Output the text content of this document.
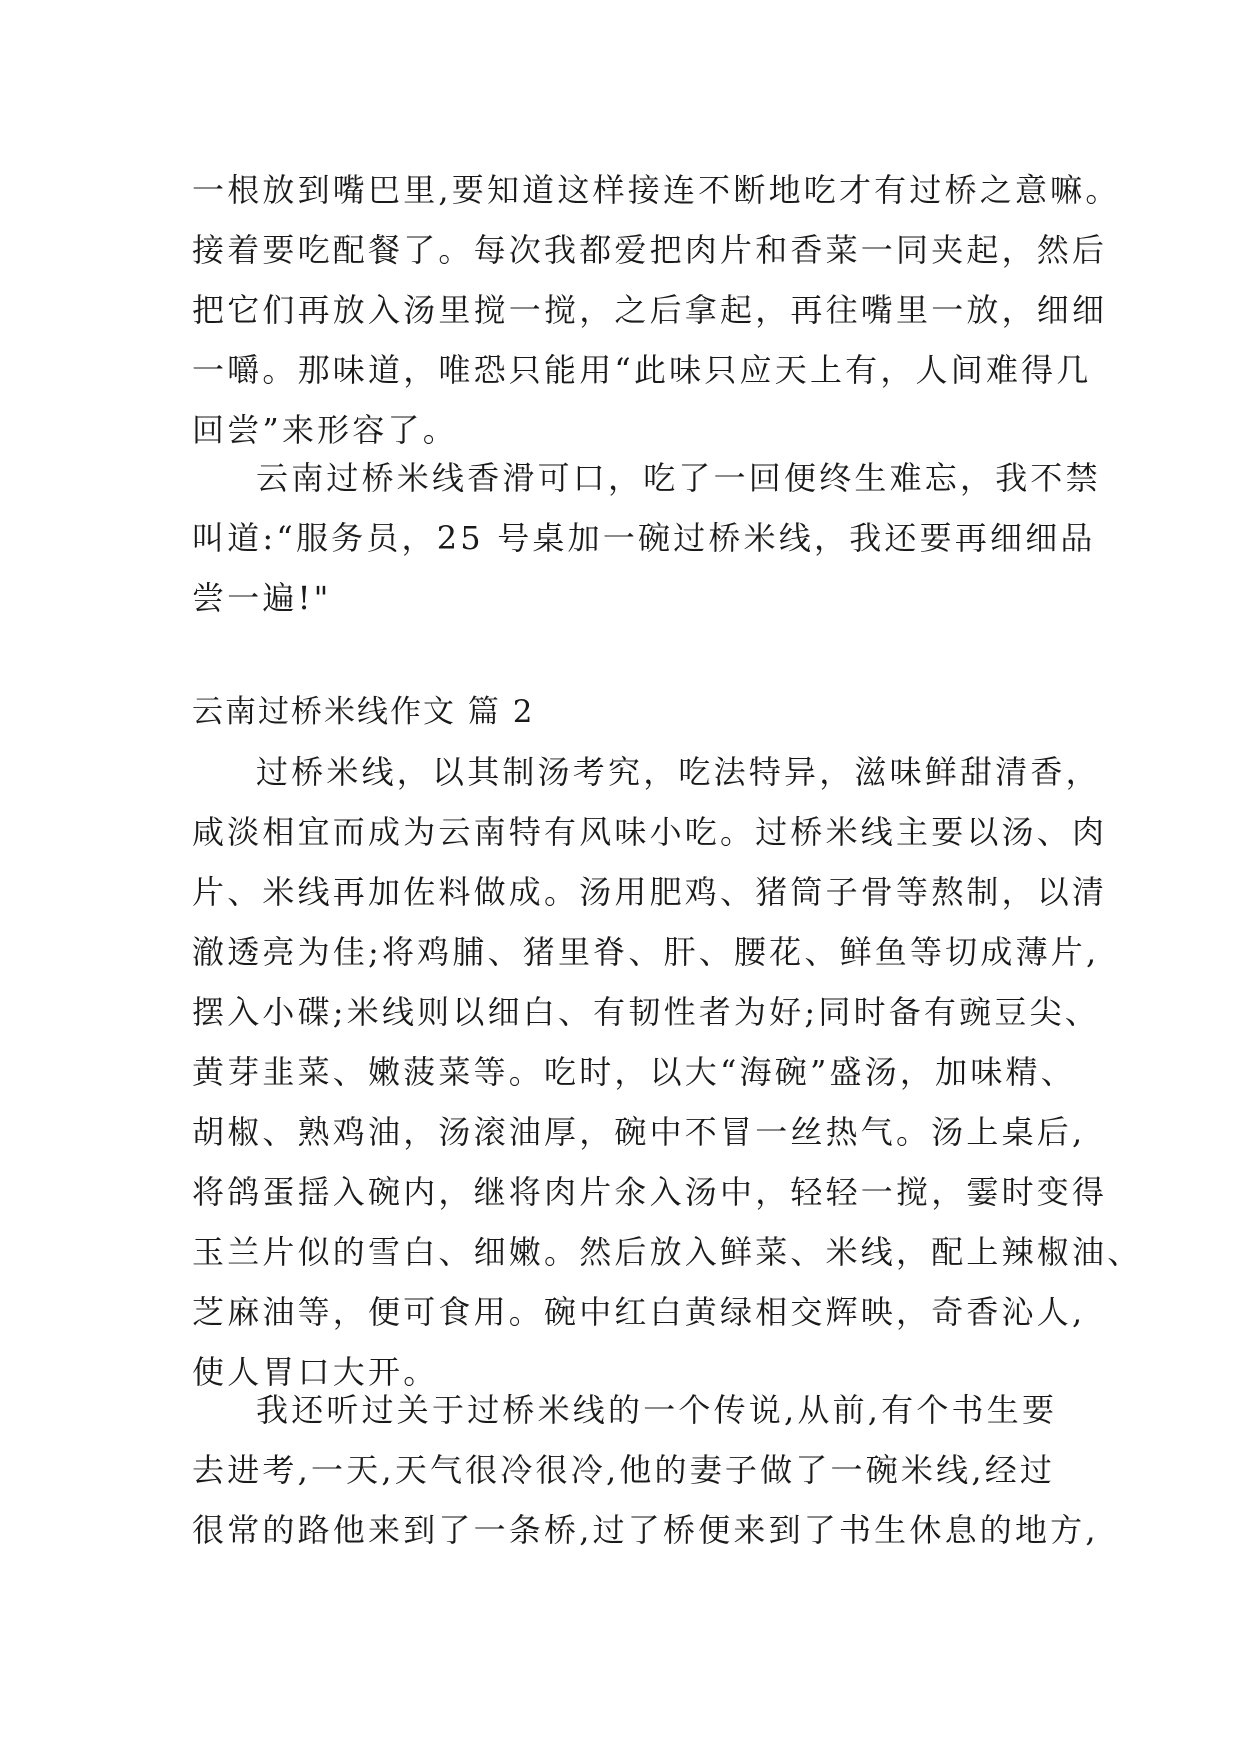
一根放到嘴巴里,要知道这样接连不断地吃才有过桥之意嘛。
接着要吃配餐了。每次我都爱把肉片和香菜一同夹起，然后
把它们再放入汤里搅一搅，之后拿起，再往嘴里一放，细细
一嚼。那味道，唯恐只能用“此味只应天上有，人间难得几
回尝”来形容了。
云南过桥米线香滑可口，吃了一回便终生难忘，我不禁
叫道:“服务员，25 号桌加一碗过桥米线，我还要再细细品
尝一遍!"
云南过桥米线作文 篇 2
过桥米线，以其制汤考究，吃法特异，滋味鲜甜清香，
咸淡相宜而成为云南特有风味小吃。过桥米线主要以汤、肉
片、米线再加佐料做成。汤用肥鸡、猪筒子骨等熬制，以清
澈透亮为佳;将鸡脯、猪里脊、肝、腰花、鲜鱼等切成薄片,
摆入小碟;米线则以细白、有韧性者为好;同时备有豌豆尖、
黄芽韭菜、嫩菠菜等。吃时，以大“海碗”盛汤，加味精、
胡椒、熟鸡油，汤滚油厚，碗中不冒一丝热气。汤上桌后,
将鸽蛋揺入碗内，继将肉片氽入汤中，轻轻一搅，霎时变得
玉兰片似的雪白、细嫩。然后放入鲜菜、米线，配上辣椒油、
芝麻油等，便可食用。碗中红白黄绿相交辉映，奇香沁人,
使人胃口大开。
我还听过关于过桥米线的一个传说,从前,有个书生要
去进考,一天,天气很冷很冷,他的妻子做了一碗米线,经过
很常的路他来到了一条桥,过了桥便来到了书生休息的地方,
